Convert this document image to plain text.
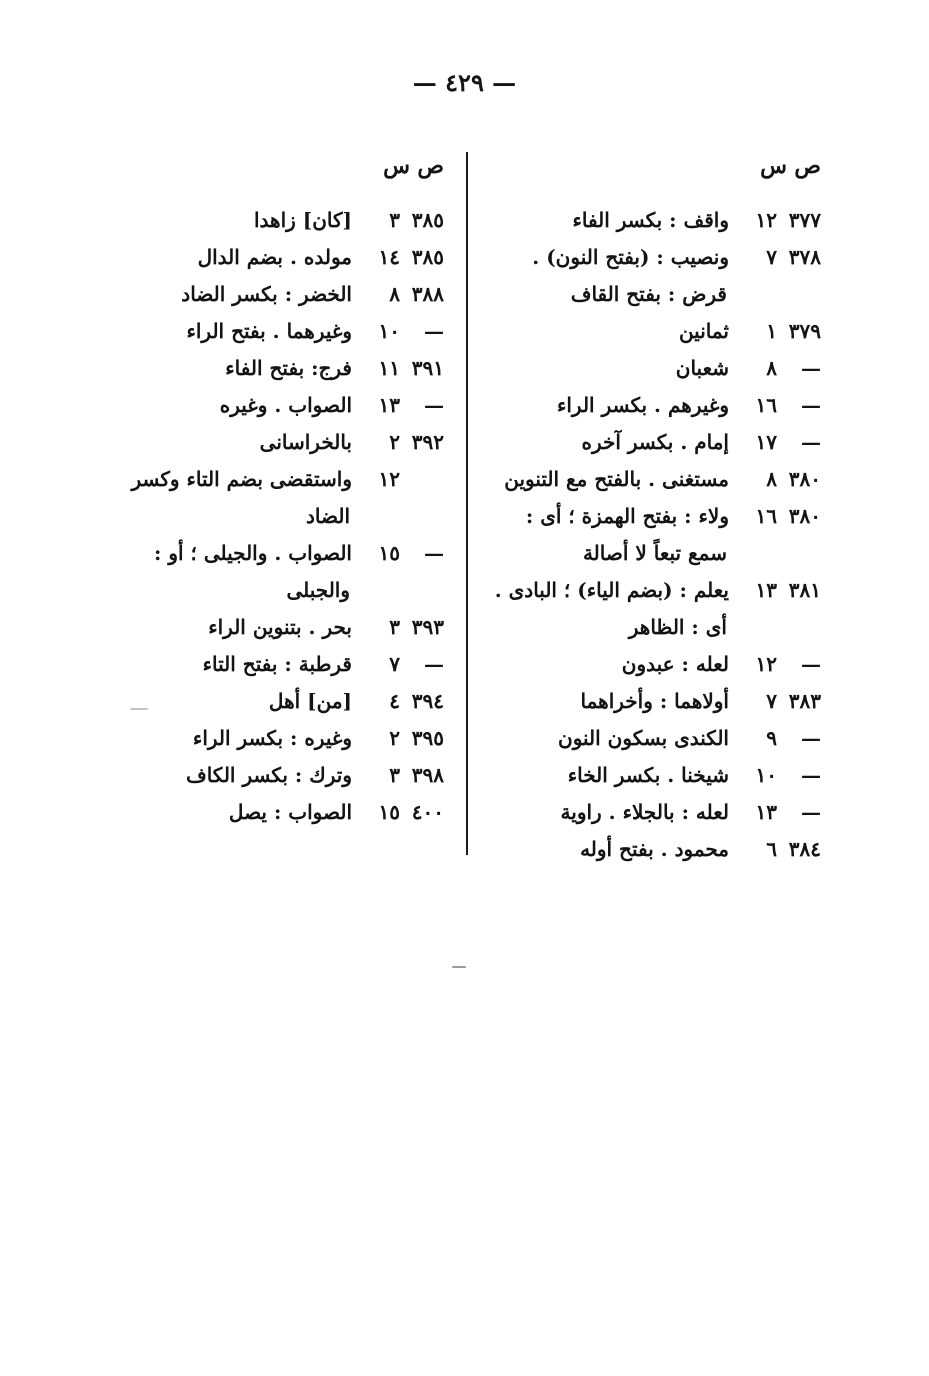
— ٤٢٩ —
ص
س
٣٧٧
١٢
واقف : بكسر الفاء
٣٧٨
٧
ونصيب : (بفتح النون) .
قرض : بفتح القاف
٣٧٩
١
ثمانين
—
٨
شعبان
—
١٦
وغيرهم . بكسر الراء
—
١٧
إمام . بكسر آخره
٣٨٠
٨
مستغنى . بالفتح مع التنوين
٣٨٠
١٦
ولاء : بفتح الهمزة ؛ أى :
سمع تبعاً لا أصالة
٣٨١
١٣
يعلم : (بضم الياء) ؛ البادى .
أى : الظاهر
—
١٢
لعله : عبدون
٣٨٣
٧
أولاهما : وأخراهما
—
٩
الكندى بسكون النون
—
١٠
شيخنا . بكسر الخاء
—
١٣
لعله : بالجلاء . راوية
٣٨٤
٦
محمود . بفتح أوله
ص
س
٣٨٥
٣
[كان] زاهدا
٣٨٥
١٤
مولده . بضم الدال
٣٨٨
٨
الخضر : بكسر الضاد
—
١٠
وغيرهما . بفتح الراء
٣٩١
١١
فرج: بفتح الفاء
—
١٣
الصواب . وغيره
٣٩٢
٢
بالخراسانى
١٢
واستقضى بضم التاء وكسر
الضاد
—
١٥
الصواب . والجيلى ؛ أو :
والجبلى
٣٩٣
٣
بحر . بتنوين الراء
—
٧
قرطبة : بفتح التاء
٣٩٤
٤
[من] أهل
٣٩٥
٢
وغيره : بكسر الراء
٣٩٨
٣
وترك : بكسر الكاف
٤٠٠
١٥
الصواب : يصل
